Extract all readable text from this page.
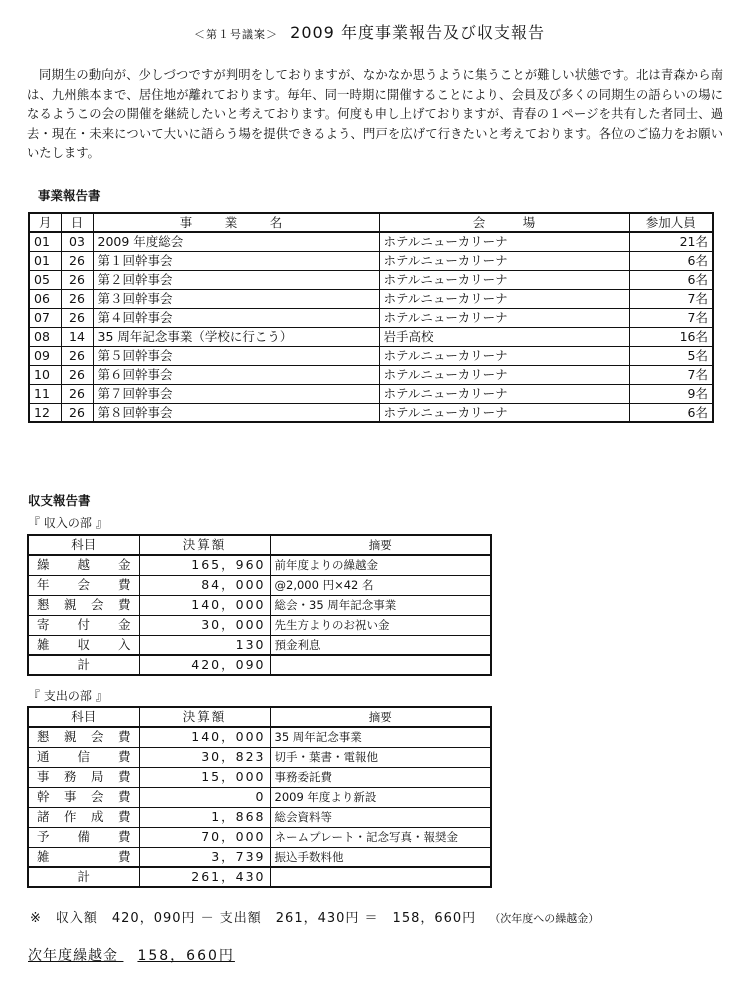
＜第１号議案＞ 2009 年度事業報告及び収支報告

同期生の動向が、少しづつですが判明をしておりますが、なかなか思うように集うことが難しい状態です。北は青森から南は、九州熊本まで、居住地が離れております。毎年、同一時期に開催することにより、会員及び多くの同期生の語らいの場になるようこの会の開催を継続したいと考えております。何度も申し上げておりますが、青春の１ページを共有した者同士、過去・現在・未来について大いに語らう場を提供できるよう、門戸を広げて行きたいと考えております。各位のご協力をお願いいたします。

事業報告書
月	日	事　業　名	会　　　場	参加人員
01	03	2009 年度総会	ホテルニューカリーナ	21名
01	26	第１回幹事会	ホテルニューカリーナ	6名
05	26	第２回幹事会	ホテルニューカリーナ	6名
06	26	第３回幹事会	ホテルニューカリーナ	7名
07	26	第４回幹事会	ホテルニューカリーナ	7名
08	14	35 周年記念事業（学校に行こう）	岩手高校	16名
09	26	第５回幹事会	ホテルニューカリーナ	5名
10	26	第６回幹事会	ホテルニューカリーナ	7名
11	26	第７回幹事会	ホテルニューカリーナ	9名
12	26	第８回幹事会	ホテルニューカリーナ	6名
収支報告書
『 収入の部 』
科目	決算額	摘要
繰越金	165，960	前年度よりの繰越金
年会費	84，000	@2,000 円×42 名
懇親会費	140，000	総会・35 周年記念事業
寄付金	30，000	先生方よりのお祝い金
雑収入	130	預金利息
計	420，090	
『 支出の部 』
科目	決算額	摘要
懇親会費	140，000	35 周年記念事業
通信費	30，823	切手・葉書・電報他
事務局費	15，000	事務委託費
幹事会費	0	2009 年度より新設
諸作成費	1，868	総会資料等
予備費	70，000	ネームプレート・記念写真・報奨金
雑費	3，739	振込手数料他
計	261，430	
※　収入額　420，090円 － 支出額　261，430円 ＝　158，660円 （次年度への繰越金）
次年度繰越金 158，660円
